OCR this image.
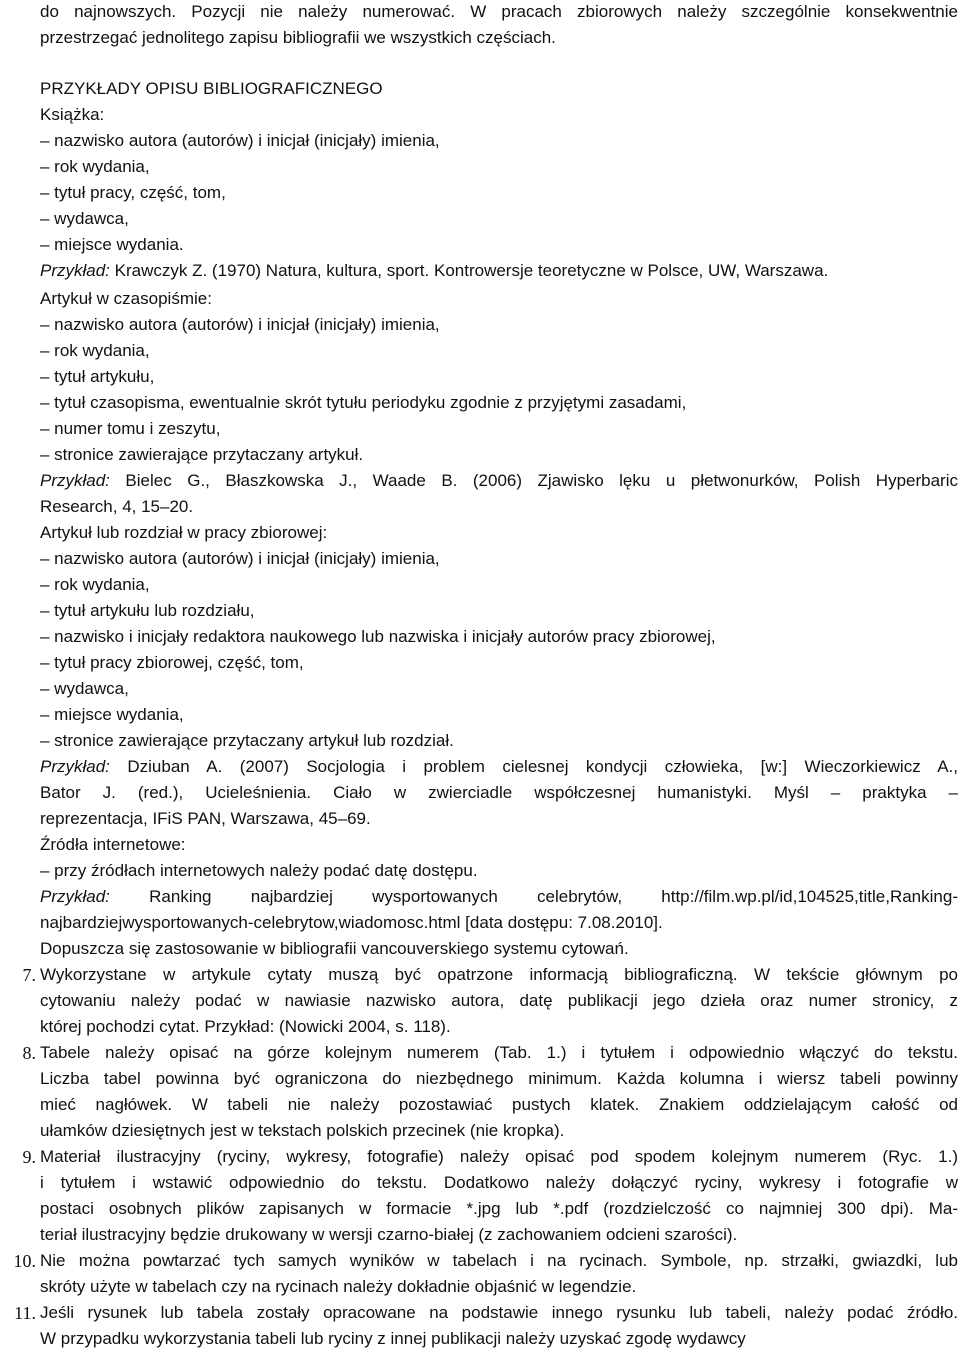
do najnowszych. Pozycji nie należy numerować. W pracach zbiorowych należy szczególnie konsekwentnie
przestrzegać jednolitego zapisu bibliografii we wszystkich częściach.
PRZYKŁADY OPISU BIBLIOGRAFICZNEGO
Książka:
– nazwisko autora (autorów) i inicjał (inicjały) imienia,
– rok wydania,
– tytuł pracy, część, tom,
– wydawca,
– miejsce wydania.
Przykład: Krawczyk Z. (1970) Natura, kultura, sport. Kontrowersje teoretyczne w Polsce, UW, Warszawa.
Artykuł w czasopiśmie:
– nazwisko autora (autorów) i inicjał (inicjały) imienia,
– rok wydania,
– tytuł artykułu,
– tytuł czasopisma, ewentualnie skrót tytułu periodyku zgodnie z przyjętymi zasadami,
– numer tomu i zeszytu,
– stronice zawierające przytaczany artykuł.
Przykład: Bielec G., Błaszkowska J., Waade B. (2006) Zjawisko lęku u płetwonurków, Polish Hyperbaric
Research, 4, 15–20.
Artykuł lub rozdział w pracy zbiorowej:
– nazwisko autora (autorów) i inicjał (inicjały) imienia,
– rok wydania,
– tytuł artykułu lub rozdziału,
– nazwisko i inicjały redaktora naukowego lub nazwiska i inicjały autorów pracy zbiorowej,
– tytuł pracy zbiorowej, część, tom,
– wydawca,
– miejsce wydania,
– stronice zawierające przytaczany artykuł lub rozdział.
Przykład: Dziuban A. (2007) Socjologia i problem cielesnej kondycji człowieka, [w:] Wieczorkiewicz A.,
Bator J. (red.), Ucieleśnienia. Ciało w zwierciadle współczesnej humanistyki. Myśl – praktyka –
reprezentacja, IFiS PAN, Warszawa, 45–69.
Źródła internetowe:
– przy źródłach internetowych należy podać datę dostępu.
Przykład: Ranking najbardziej wysportowanych celebrytów, http://film.wp.pl/id,104525,title,Ranking-
najbardziejwysportowanych-celebrytow,wiadomosc.html [data dostępu: 7.08.2010].
Dopuszcza się zastosowanie w bibliografii vancouverskiego systemu cytowań.
7. Wykorzystane w artykule cytaty muszą być opatrzone informacją bibliograficzną. W tekście głównym po
cytowaniu należy podać w nawiasie nazwisko autora, datę publikacji jego dzieła oraz numer stronicy, z
której pochodzi cytat. Przykład: (Nowicki 2004, s. 118).
8. Tabele należy opisać na górze kolejnym numerem (Tab. 1.) i tytułem i odpowiednio włączyć do tekstu.
Liczba tabel powinna być ograniczona do niezbędnego minimum. Każda kolumna i wiersz tabeli powinny
mieć nagłówek. W tabeli nie należy pozostawiać pustych klatek. Znakiem oddzielającym całość od
ułamków dziesiętnych jest w tekstach polskich przecinek (nie kropka).
9. Materiał ilustracyjny (ryciny, wykresy, fotografie) należy opisać pod spodem kolejnym numerem (Ryc. 1.)
i tytułem i wstawić odpowiednio do tekstu. Dodatkowo należy dołączyć ryciny, wykresy i fotografie w
postaci osobnych plików zapisanych w formacie *.jpg lub *.pdf (rozdzielczość co najmniej 300 dpi). Ma-
teriał ilustracyjny będzie drukowany w wersji czarno-białej (z zachowaniem odcieni szarości).
10. Nie można powtarzać tych samych wyników w tabelach i na rycinach. Symbole, np. strzałki, gwiazdki, lub
skróty użyte w tabelach czy na rycinach należy dokładnie objaśnić w legendzie.
11. Jeśli rysunek lub tabela zostały opracowane na podstawie innego rysunku lub tabeli, należy podać źródło.
W przypadku wykorzystania tabeli lub ryciny z innej publikacji należy uzyskać zgodę wydawcy
